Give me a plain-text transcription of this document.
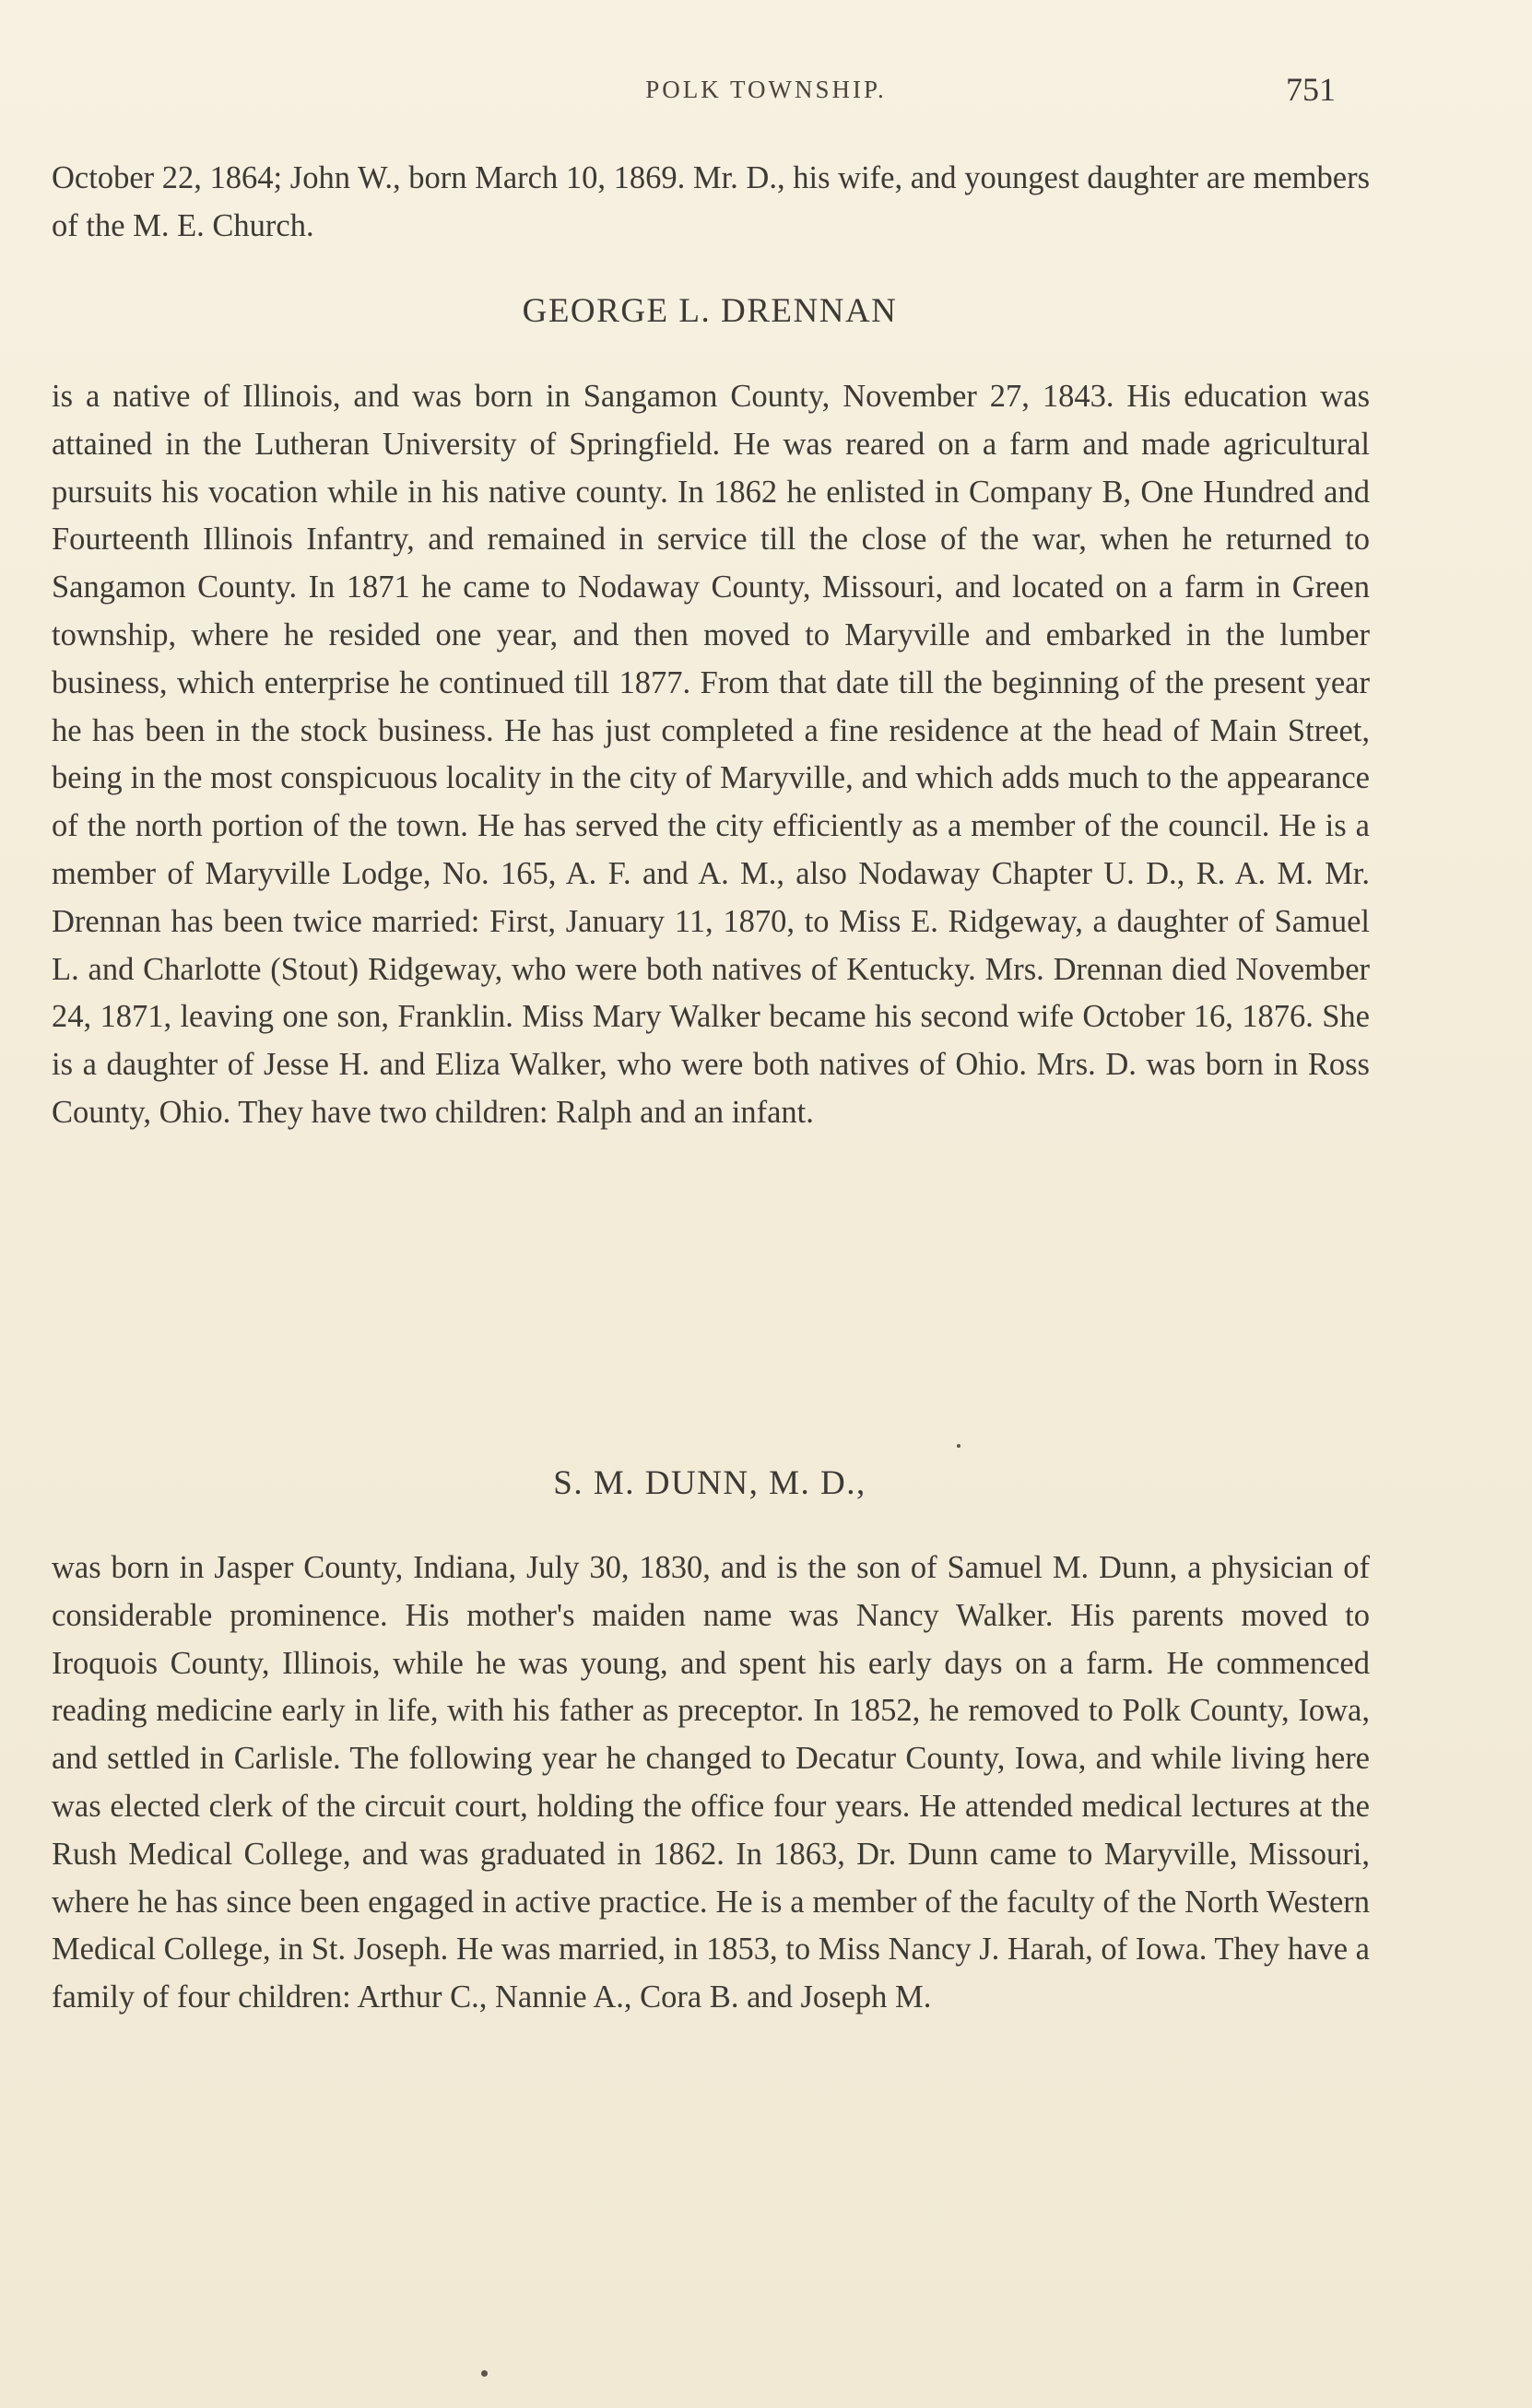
POLK TOWNSHIP.	751

October 22, 1864; John W., born March 10, 1869. Mr. D., his wife, and youngest daughter are members of the M. E. Church.

GEORGE L. DRENNAN

is a native of Illinois, and was born in Sangamon County, November 27, 1843. His education was attained in the Lutheran University of Springfield. He was reared on a farm and made agricultural pursuits his vocation while in his native county. In 1862 he enlisted in Company B, One Hundred and Fourteenth Illinois Infantry, and remained in service till the close of the war, when he returned to Sangamon County. In 1871 he came to Nodaway County, Missouri, and located on a farm in Green township, where he resided one year, and then moved to Maryville and embarked in the lumber business, which enterprise he continued till 1877. From that date till the beginning of the present year he has been in the stock business. He has just completed a fine residence at the head of Main Street, being in the most conspicuous locality in the city of Maryville, and which adds much to the appearance of the north portion of the town. He has served the city efficiently as a member of the council. He is a member of Maryville Lodge, No. 165, A. F. and A. M., also Nodaway Chapter U. D., R. A. M. Mr. Drennan has been twice married: First, January 11, 1870, to Miss E. Ridgeway, a daughter of Samuel L. and Charlotte (Stout) Ridgeway, who were both natives of Kentucky. Mrs. Drennan died November 24, 1871, leaving one son, Franklin. Miss Mary Walker became his second wife October 16, 1876. She is a daughter of Jesse H. and Eliza Walker, who were both natives of Ohio. Mrs. D. was born in Ross County, Ohio. They have two children: Ralph and an infant.

S. M. DUNN, M. D.,

was born in Jasper County, Indiana, July 30, 1830, and is the son of Samuel M. Dunn, a physician of considerable prominence. His mother's maiden name was Nancy Walker. His parents moved to Iroquois County, Illinois, while he was young, and spent his early days on a farm. He commenced reading medicine early in life, with his father as preceptor. In 1852, he removed to Polk County, Iowa, and settled in Carlisle. The following year he changed to Decatur County, Iowa, and while living here was elected clerk of the circuit court, holding the office four years. He attended medical lectures at the Rush Medical College, and was graduated in 1862. In 1863, Dr. Dunn came to Maryville, Missouri, where he has since been engaged in active practice. He is a member of the faculty of the North Western Medical College, in St. Joseph. He was married, in 1853, to Miss Nancy J. Harah, of Iowa. They have a family of four children: Arthur C., Nannie A., Cora B. and Joseph M.
